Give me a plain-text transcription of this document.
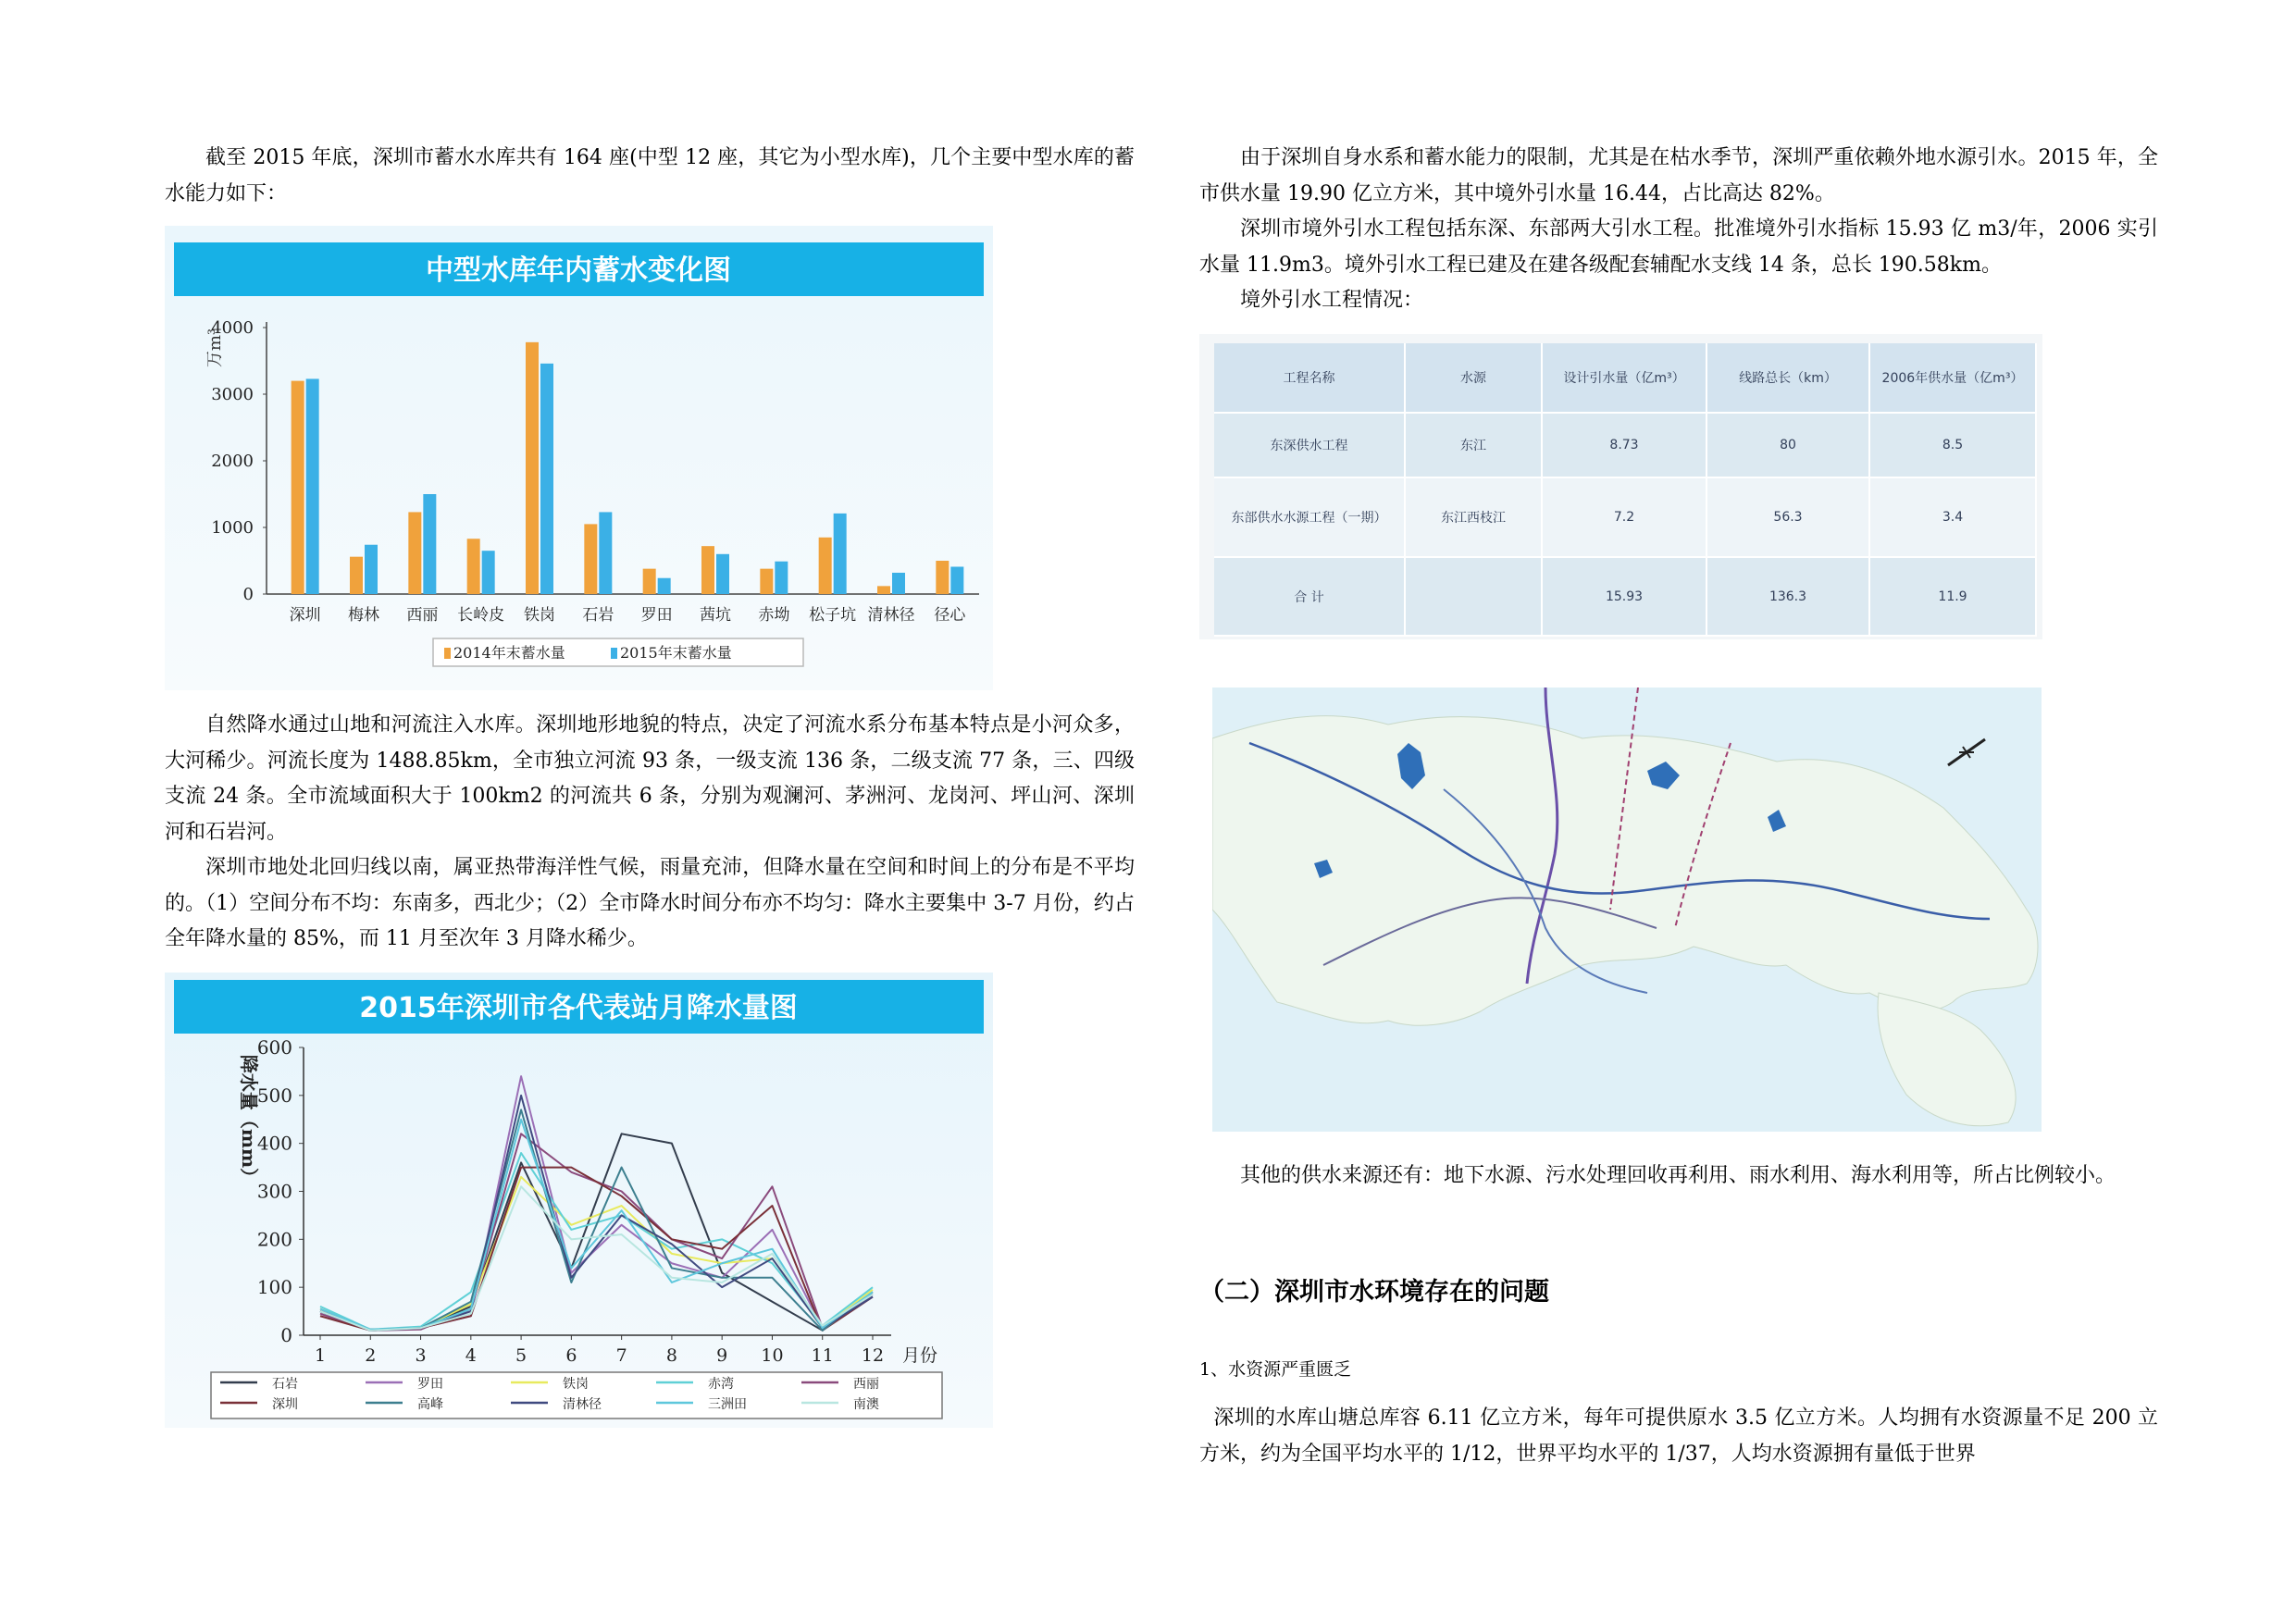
截至 2015 年底，深圳市蓄水水库共有 164 座(中型 12 座，其它为小型水库)，几个主要中型水库的蓄水能力如下：

中型水库年内蓄水变化图
万m³
0
1000
2000
3000
4000
深圳 梅林 西丽 长岭皮 铁岗 石岩 罗田 茜坑 赤坳 松子坑 清林径 径心
2014年末蓄水量	2015年末蓄水量

自然降水通过山地和河流注入水库。深圳地形地貌的特点，决定了河流水系分布基本特点是小河众多，大河稀少。河流长度为 1488.85km，全市独立河流 93 条，一级支流 136 条，二级支流 77 条，三、四级支流 24 条。全市流域面积大于 100km2 的河流共 6 条，分别为观澜河、茅洲河、龙岗河、坪山河、深圳河和石岩河。

深圳市地处北回归线以南，属亚热带海洋性气候，雨量充沛，但降水量在空间和时间上的分布是不平均的。（1）空间分布不均：东南多，西北少；（2）全市降水时间分布亦不均匀：降水主要集中 3-7 月份，约占全年降水量的 85%，而 11 月至次年 3 月降水稀少。

2015年深圳市各代表站月降水量图
降水量（mm）
0
100
200
300
400
500
600
1 2 3 4 5 6 7 8 9 10 11 12 月份
石岩	罗田	铁岗	赤湾	西丽
深圳	高峰	清林径	三洲田	南澳

由于深圳自身水系和蓄水能力的限制，尤其是在枯水季节，深圳严重依赖外地水源引水。2015 年，全市供水量 19.90 亿立方米，其中境外引水量 16.44，占比高达 82%。

深圳市境外引水工程包括东深、东部两大引水工程。批准境外引水指标 15.93 亿 m3/年，2006 实引水量 11.9m3。境外引水工程已建及在建各级配套辅配水支线 14 条，总长 190.58km。

境外引水工程情况：

工程名称	水源	设计引水量（亿m³）	线路总长（km）	2006年供水量（亿m³）
东深供水工程	东江	8.73	80	8.5
东部供水水源工程（一期）	东江西枝江	7.2	56.3	3.4
合 计		15.93	136.3	11.9

其他的供水来源还有：地下水源、污水处理回收再利用、雨水利用、海水利用等，所占比例较小。

（二）深圳市水环境存在的问题

1、水资源严重匮乏

深圳的水库山塘总库容 6.11 亿立方米，每年可提供原水 3.5 亿立方米。人均拥有水资源量不足 200 立方米，约为全国平均水平的 1/12，世界平均水平的 1/37，人均水资源拥有量低于世界
